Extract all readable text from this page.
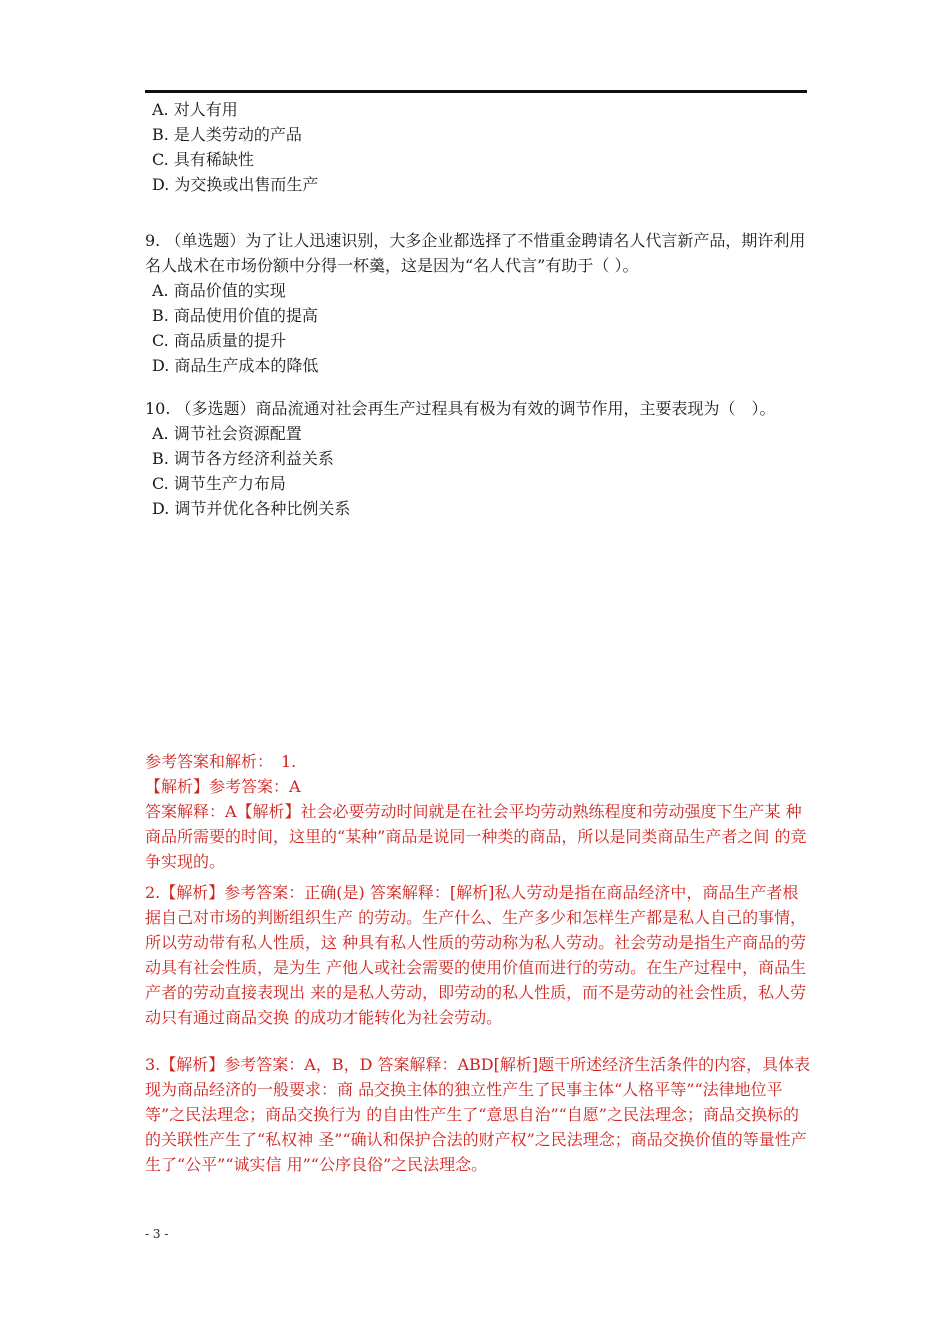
A. 对人有用
B. 是人类劳动的产品
C. 具有稀缺性
D. 为交换或出售而生产
9. （单选题）为了让人迅速识别，大多企业都选择了不惜重金聘请名人代言新产品，期许利用名人战术在市场份额中分得一杯羹，这是因为“名人代言”有助于（ ）。
A. 商品价值的实现
B. 商品使用价值的提高
C. 商品质量的提升
D. 商品生产成本的降低
10. （多选题）商品流通对社会再生产过程具有极为有效的调节作用，主要表现为（　）。
A. 调节社会资源配置
B. 调节各方经济利益关系
C. 调节生产力布局
D. 调节并优化各种比例关系

参考答案和解析：　1.

【解析】参考答案：A

答案解释：A【解析】社会必要劳动时间就是在社会平均劳动熟练程度和劳动强度下生产某 种商品所需要的时间，这里的“某种”商品是说同一种类的商品，所以是同类商品生产者之间 的竞争实现的。

2.【解析】参考答案：正确(是) 答案解释：[解析]私人劳动是指在商品经济中，商品生产者根据自己对市场的判断组织生产 的劳动。生产什么、生产多少和怎样生产都是私人自己的事情，所以劳动带有私人性质，这 种具有私人性质的劳动称为私人劳动。社会劳动是指生产商品的劳动具有社会性质，是为生 产他人或社会需要的使用价值而进行的劳动。在生产过程中，商品生产者的劳动直接表现出 来的是私人劳动，即劳动的私人性质，而不是劳动的社会性质，私人劳动只有通过商品交换 的成功才能转化为社会劳动。

3.【解析】参考答案：A，B，D 答案解释：ABD[解析]题干所述经济生活条件的内容，具体表现为商品经济的一般要求：商 品交换主体的独立性产生了民事主体“人格平等”“法律地位平等”之民法理念；商品交换行为 的自由性产生了“意思自治”“自愿”之民法理念；商品交换标的的关联性产生了“私权神 圣”“确认和保护合法的财产权”之民法理念；商品交换价值的等量性产生了“公平”“诚实信 用”“公序良俗”之民法理念。

- 3 -
